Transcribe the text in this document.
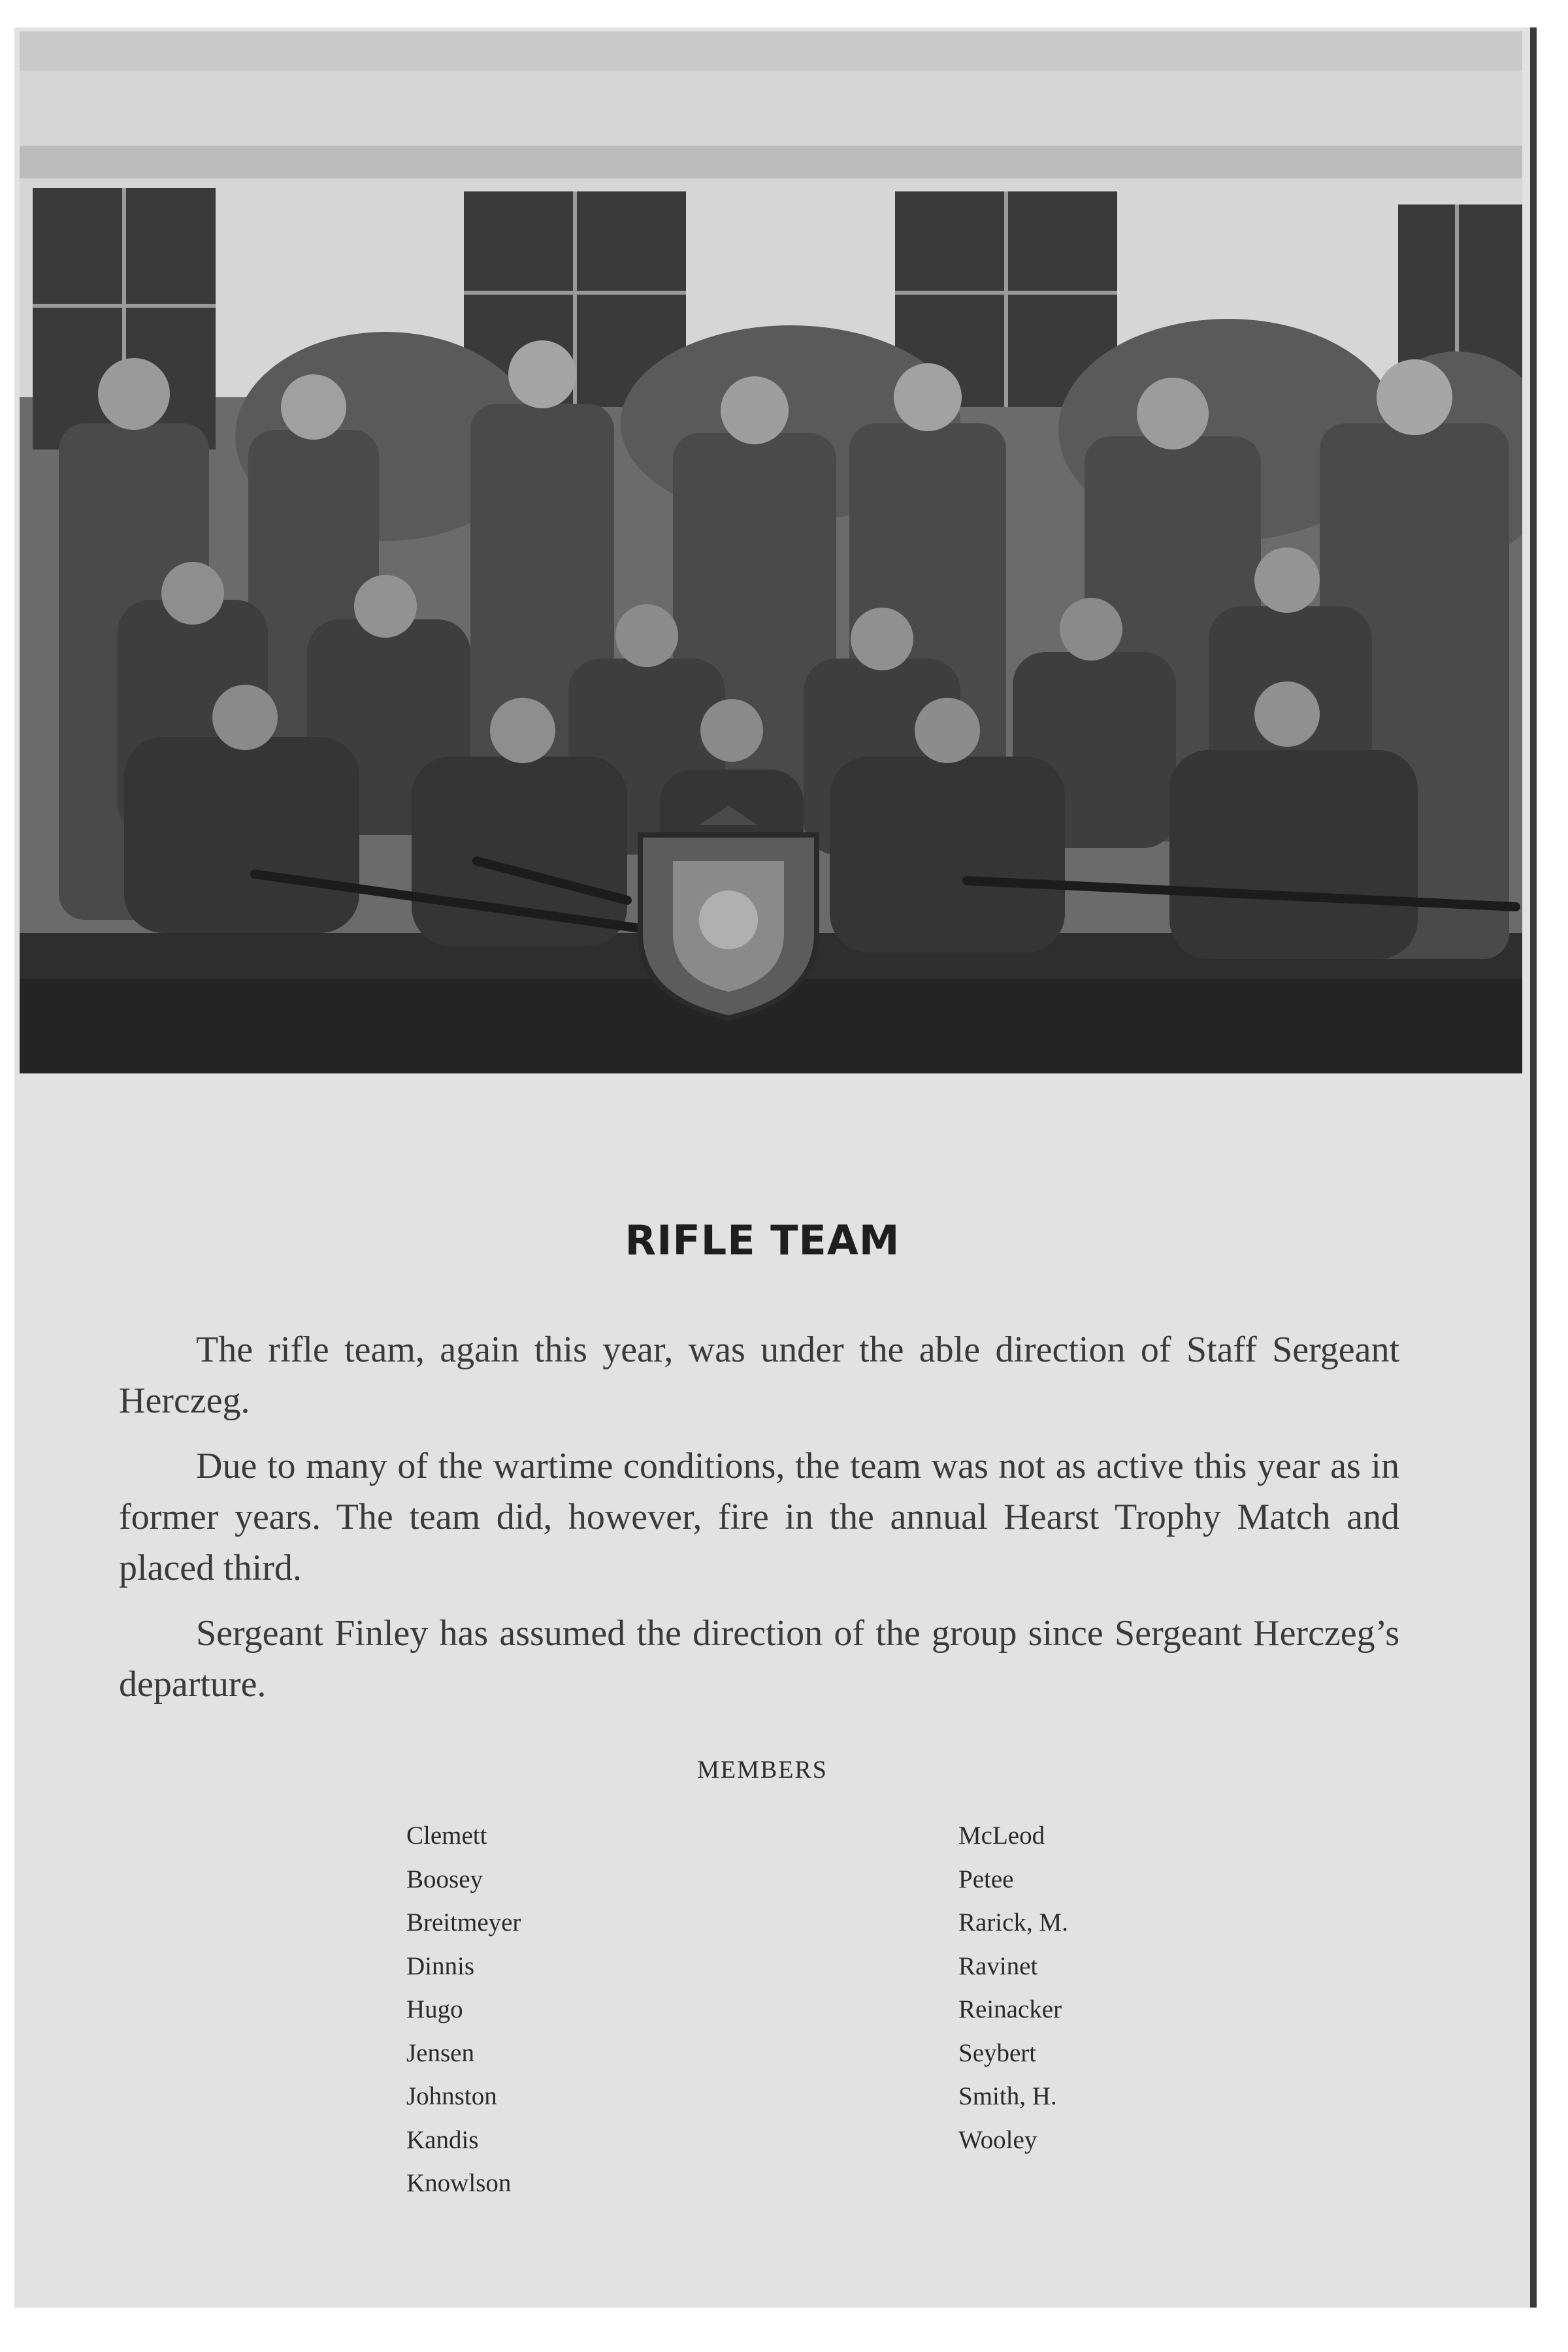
RIFLE TEAM

The rifle team, again this year, was under the able direction of Staff Sergeant Herczeg.

Due to many of the wartime conditions, the team was not as active this year as in former years. The team did, however, fire in the annual Hearst Trophy Match and placed third.

Sergeant Finley has assumed the direction of the group since Sergeant Herczeg’s departure.

MEMBERS
Clemett
Boosey
Breitmeyer
Dinnis
Hugo
Jensen
Johnston
Kandis
Knowlson
McLeod
Petee
Rarick, M.
Ravinet
Reinacker
Seybert
Smith, H.
Wooley
